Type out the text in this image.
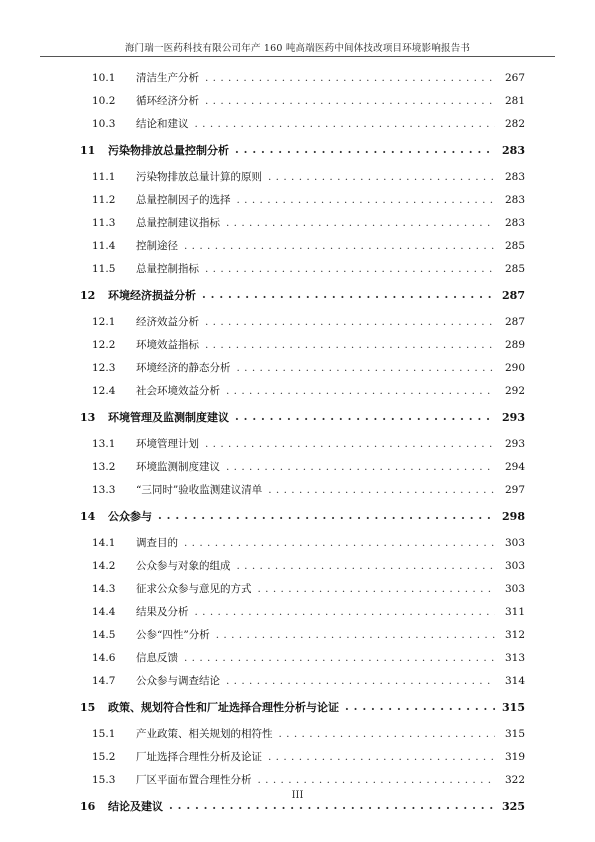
海门瑞一医药科技有限公司年产 160 吨高端医药中间体技改项目环境影响报告书
10.1	清洁生产分析 . . .	267
10.2	循环经济分析 . . .	281
10.3	结论和建议 . . .	282
11	污染物排放总量控制分析 . . .	283
11.1	污染物排放总量计算的原则 . . .	283
11.2	总量控制因子的选择 . . .	283
11.3	总量控制建议指标 . . .	283
11.4	控制途径 . . .	285
11.5	总量控制指标 . . .	285
12	环境经济损益分析 . . .	287
12.1	经济效益分析 . . .	287
12.2	环境效益指标 . . .	289
12.3	环境经济的静态分析 . . .	290
12.4	社会环境效益分析 . . .	292
13	环境管理及监测制度建议 . . .	293
13.1	环境管理计划 . . .	293
13.2	环境监测制度建议 . . .	294
13.3	“三同时”验收监测建议清单 . . .	297
14	公众参与 . . .	298
14.1	调查目的 . . .	303
14.2	公众参与对象的组成 . . .	303
14.3	征求公众参与意见的方式 . . .	303
14.4	结果及分析 . . .	311
14.5	公参“四性”分析 . . .	312
14.6	信息反馈 . . .	313
14.7	公众参与调查结论 . . .	314
15	政策、规划符合性和厂址选择合理性分析与论证 . . .	315
15.1	产业政策、相关规划的相符性 . . .	315
15.2	厂址选择合理性分析及论证 . . .	319
15.3	厂区平面布置合理性分析 . . .	322
16	结论及建议 . . .	325
III
